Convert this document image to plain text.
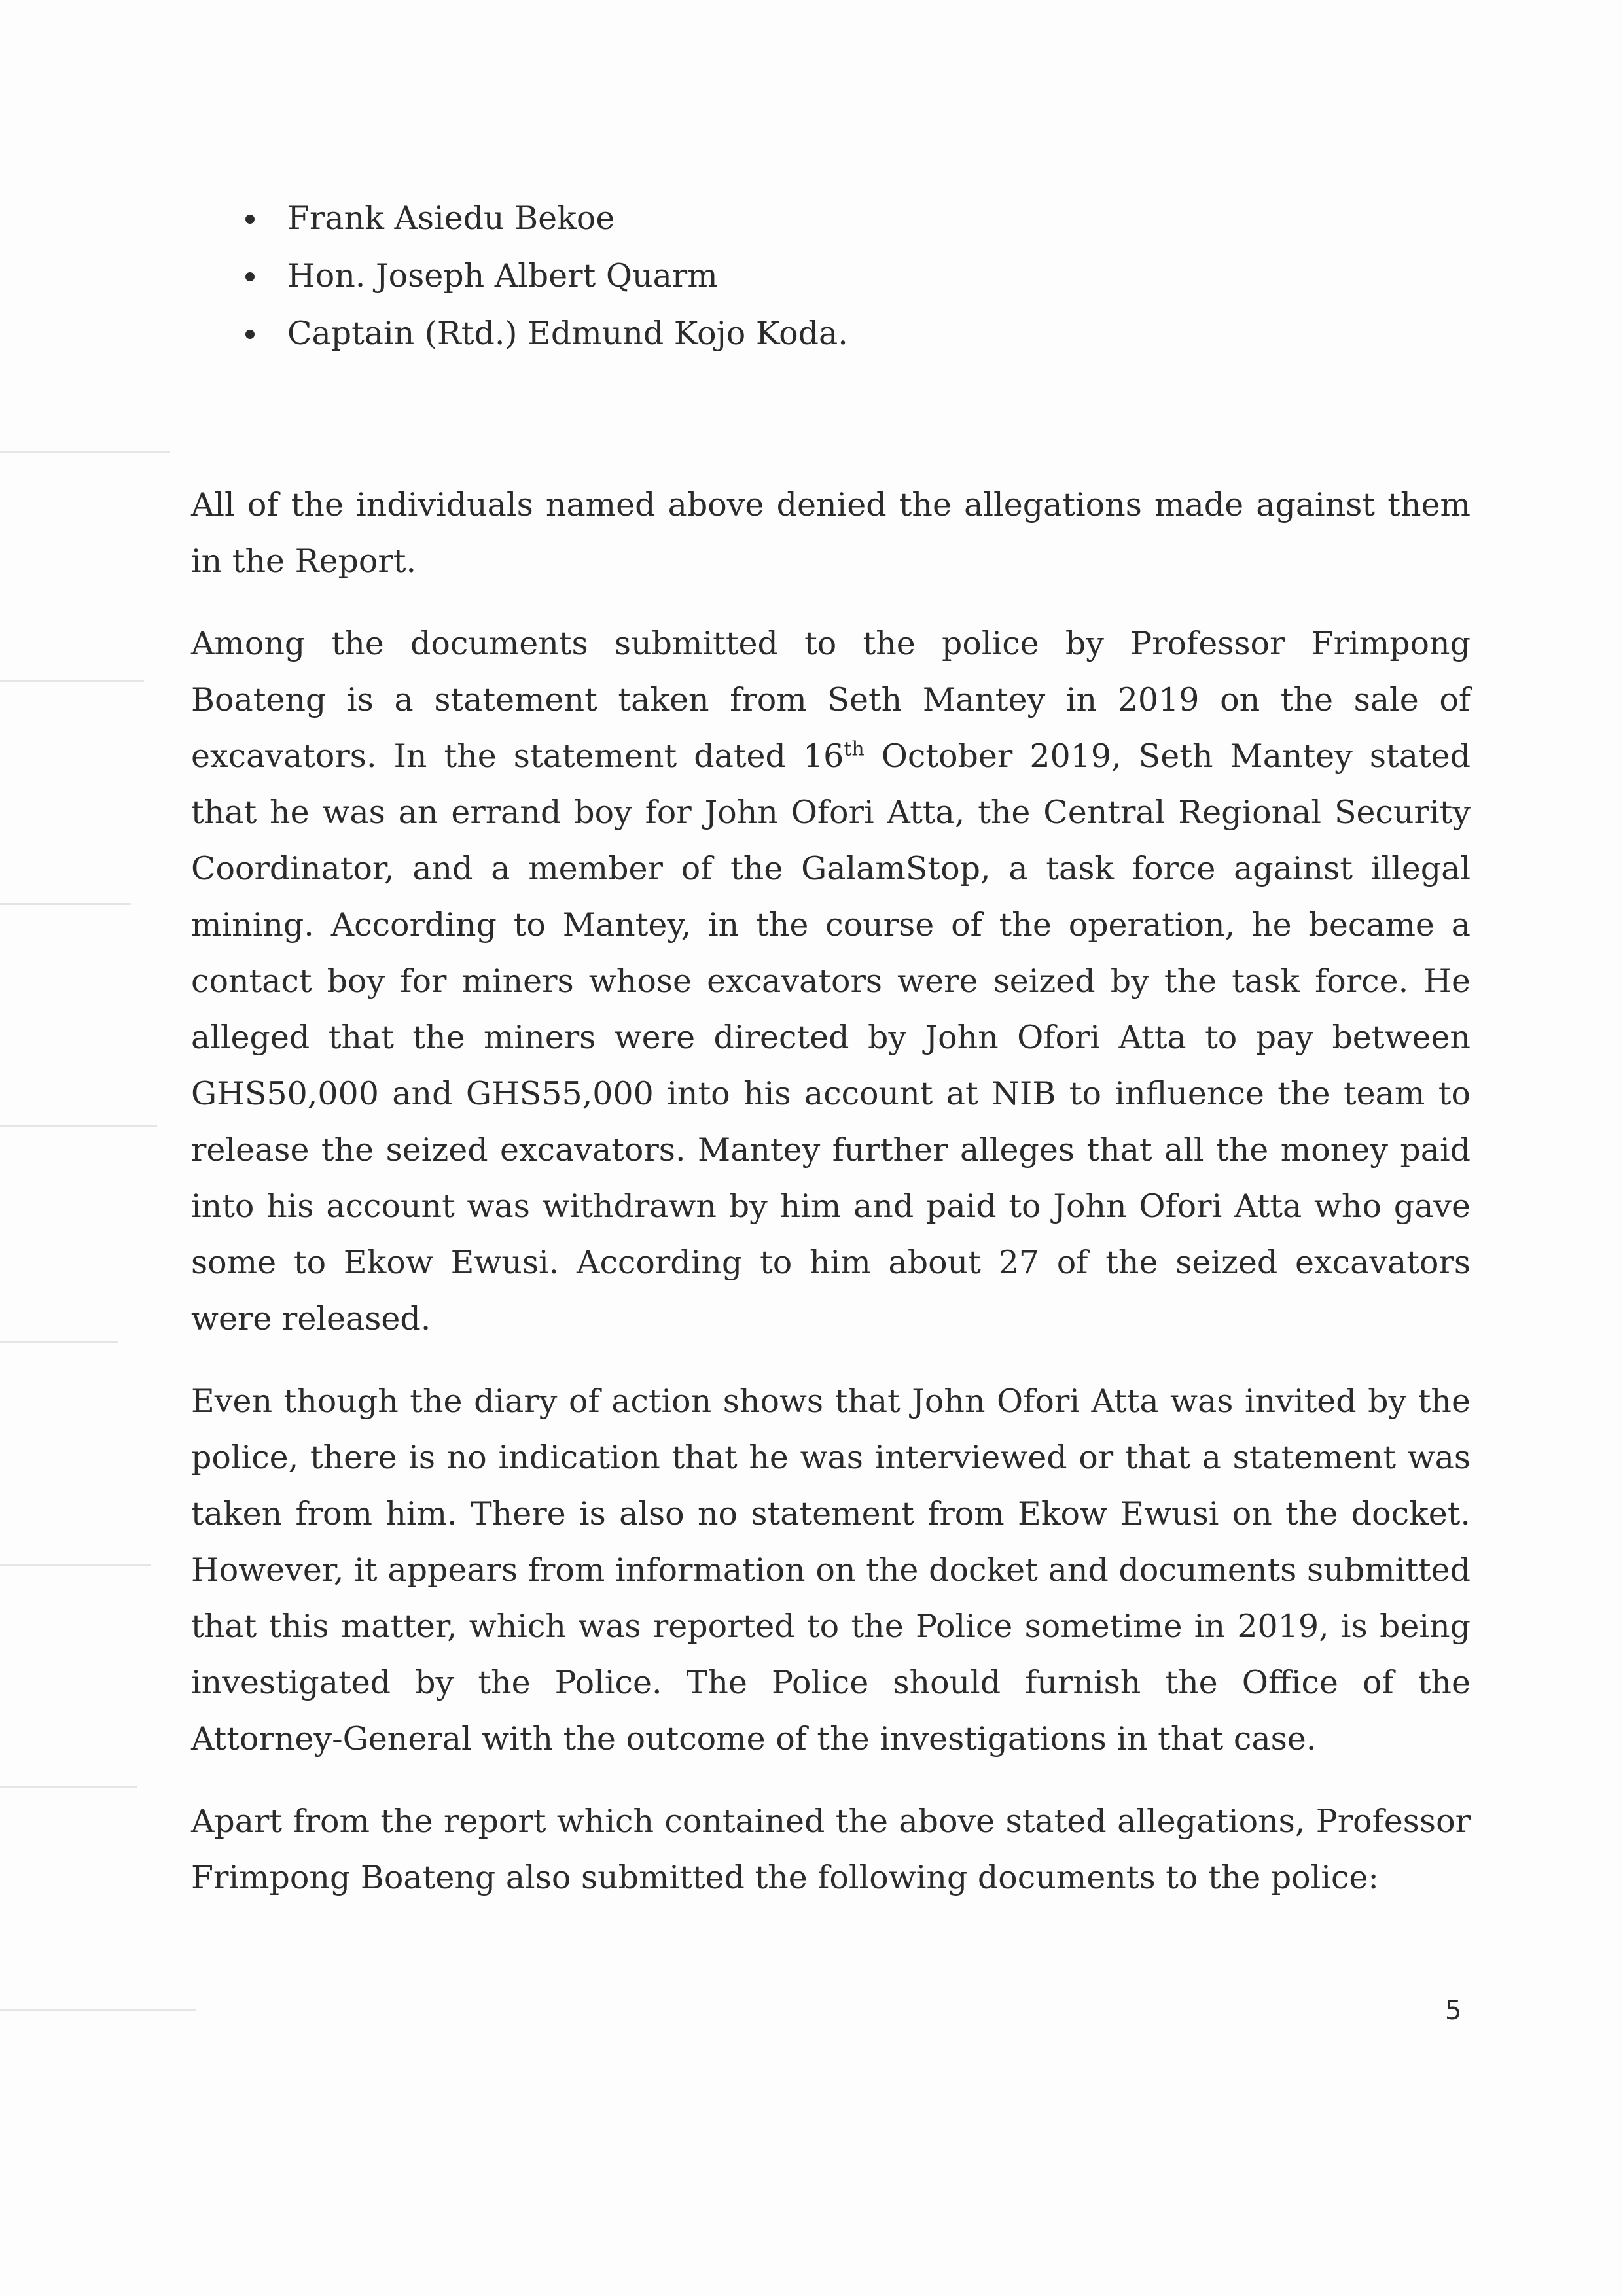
Frank Asiedu Bekoe
Hon. Joseph Albert Quarm
Captain (Rtd.) Edmund Kojo Koda.

All of the individuals named above denied the allegations made against them in the Report.

Among the documents submitted to the police by Professor Frimpong Boateng is a statement taken from Seth Mantey in 2019 on the sale of excavators. In the statement dated 16th October 2019, Seth Mantey stated that he was an errand boy for John Ofori Atta, the Central Regional Security Coordinator, and a member of the GalamStop, a task force against illegal mining. According to Mantey, in the course of the operation, he became a contact boy for miners whose excavators were seized by the task force. He alleged that the miners were directed by John Ofori Atta to pay between GHS50,000 and GHS55,000 into his account at NIB to influence the team to release the seized excavators. Mantey further alleges that all the money paid into his account was withdrawn by him and paid to John Ofori Atta who gave some to Ekow Ewusi. According to him about 27 of the seized excavators were released.

Even though the diary of action shows that John Ofori Atta was invited by the police, there is no indication that he was interviewed or that a statement was taken from him. There is also no statement from Ekow Ewusi on the docket. However, it appears from information on the docket and documents submitted that this matter, which was reported to the Police sometime in 2019, is being investigated by the Police. The Police should furnish the Office of the Attorney-General with the outcome of the investigations in that case.

Apart from the report which contained the above stated allegations, Professor Frimpong Boateng also submitted the following documents to the police:

5
